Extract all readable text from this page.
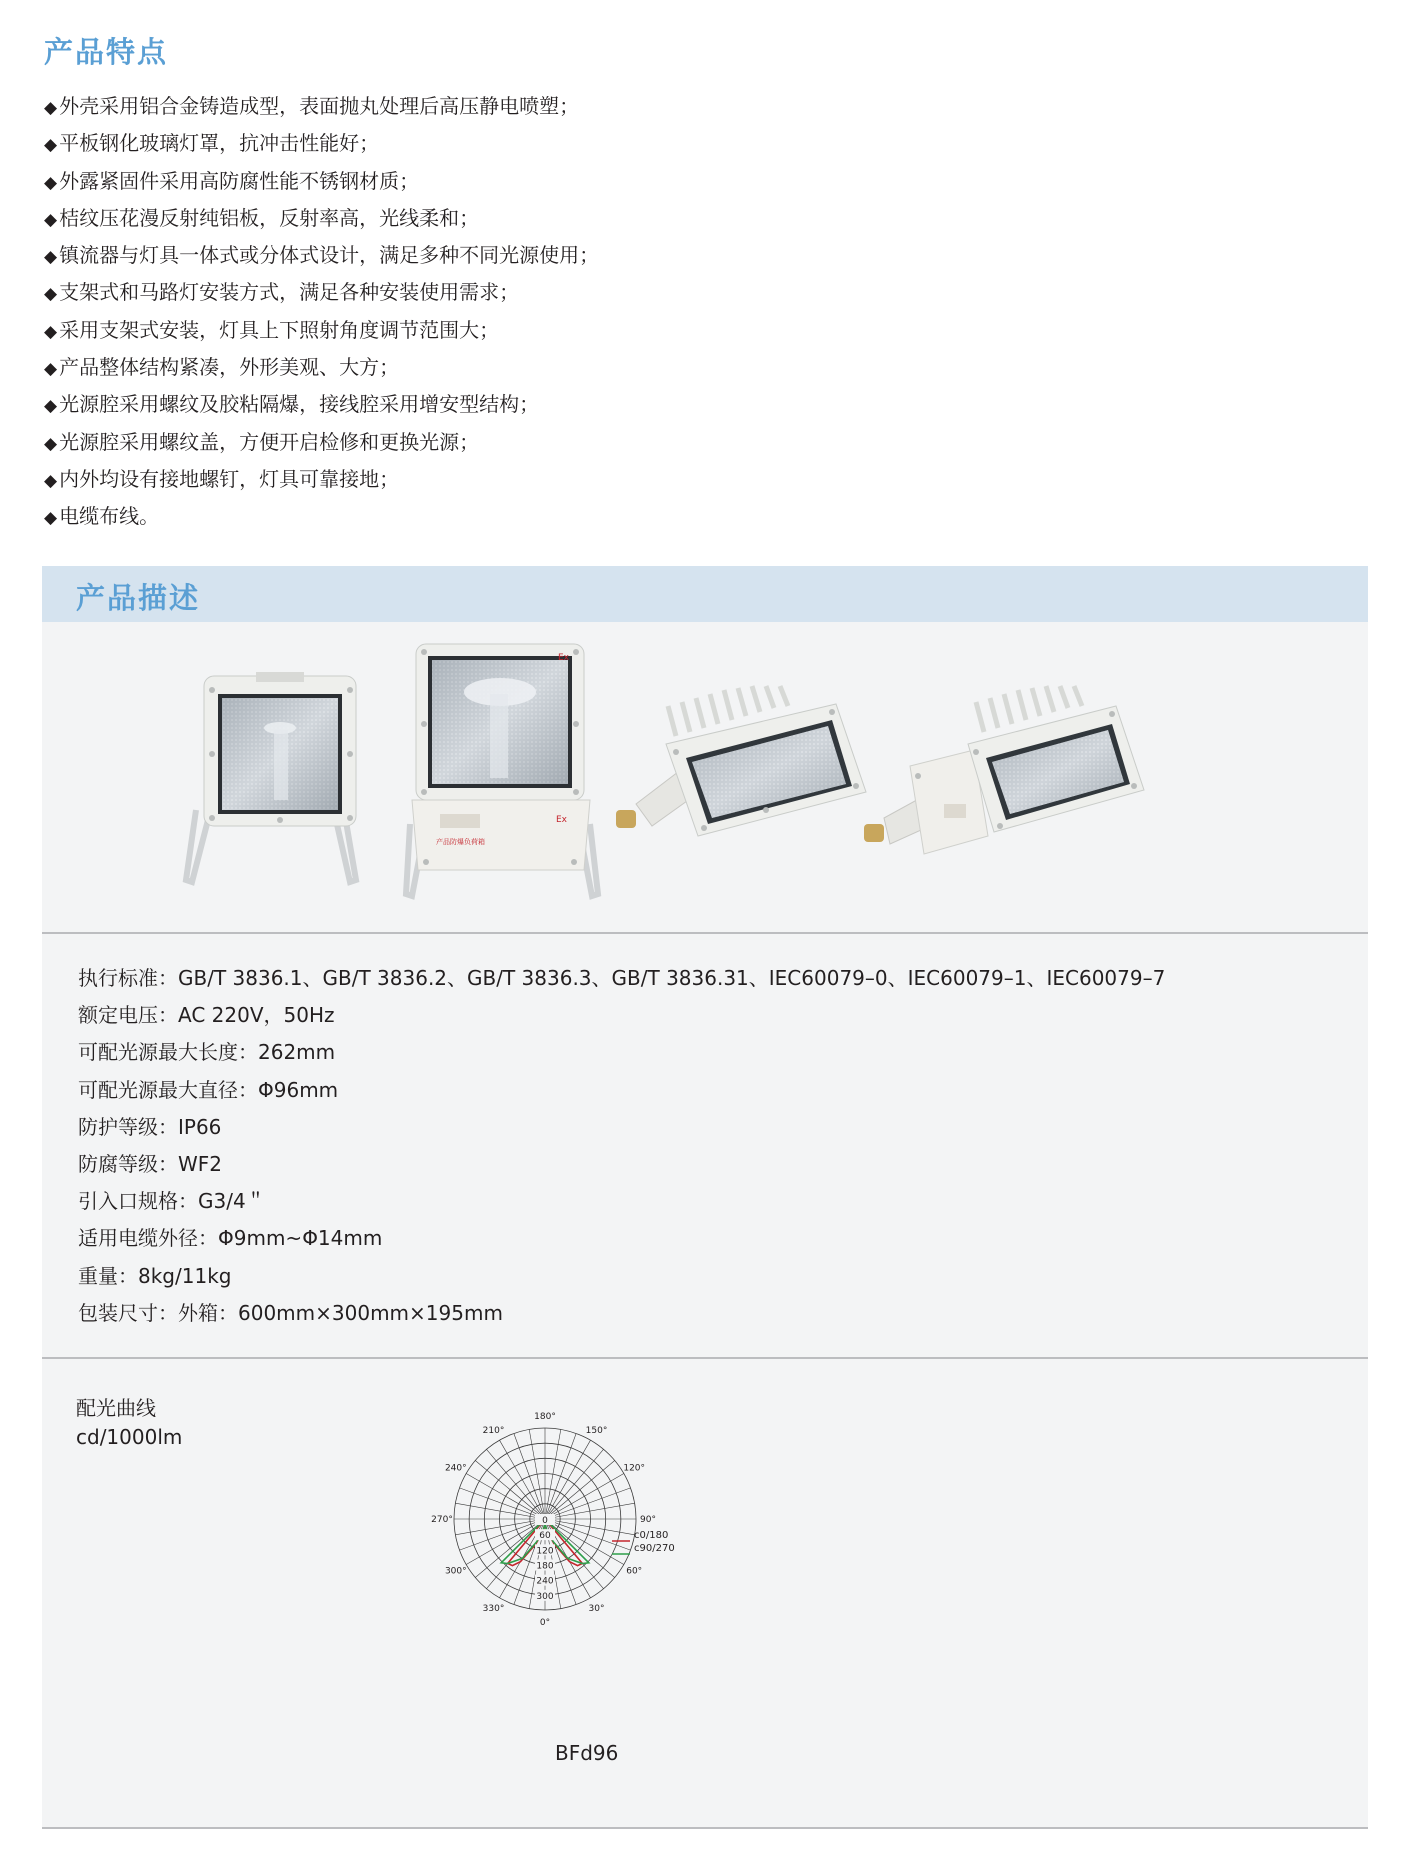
产品特点
◆ 外壳采用铝合金铸造成型，表面抛丸处理后高压静电喷塑；
◆ 平板钢化玻璃灯罩，抗冲击性能好；
◆ 外露紧固件采用高防腐性能不锈钢材质；
◆ 桔纹压花漫反射纯铝板，反射率高，光线柔和；
◆ 镇流器与灯具一体式或分体式设计，满足多种不同光源使用；
◆ 支架式和马路灯安装方式，满足各种安装使用需求；
◆ 采用支架式安装，灯具上下照射角度调节范围大；
◆ 产品整体结构紧凑，外形美观、大方；
◆ 光源腔采用螺纹及胶粘隔爆，接线腔采用增安型结构；
◆ 光源腔采用螺纹盖，方便开启检修和更换光源；
◆ 内外均设有接地螺钉，灯具可靠接地；
◆ 电缆布线。
产品描述
Ex
产品防爆负荷箱
Ex
执行标准：GB/T 3836.1、GB/T 3836.2、GB/T 3836.3、GB/T 3836.31、IEC60079–0、IEC60079–1、IEC60079–7
额定电压：AC 220V，50Hz
可配光源最大长度：262mm
可配光源最大直径：Φ96mm
防护等级：IP66
防腐等级：WF2
引入口规格：G3/4＂
适用电缆外径：Φ9mm~Φ14mm
重量：8kg/11kg
包装尺寸：外箱：600mm×300mm×195mm
配光曲线
cd/1000lm
180°
150°
120°
90°
60°
30°
0°
330°
300°
270°
240°
210°
0
60
120
180
240
300
c0/180
c90/270
BFd96
